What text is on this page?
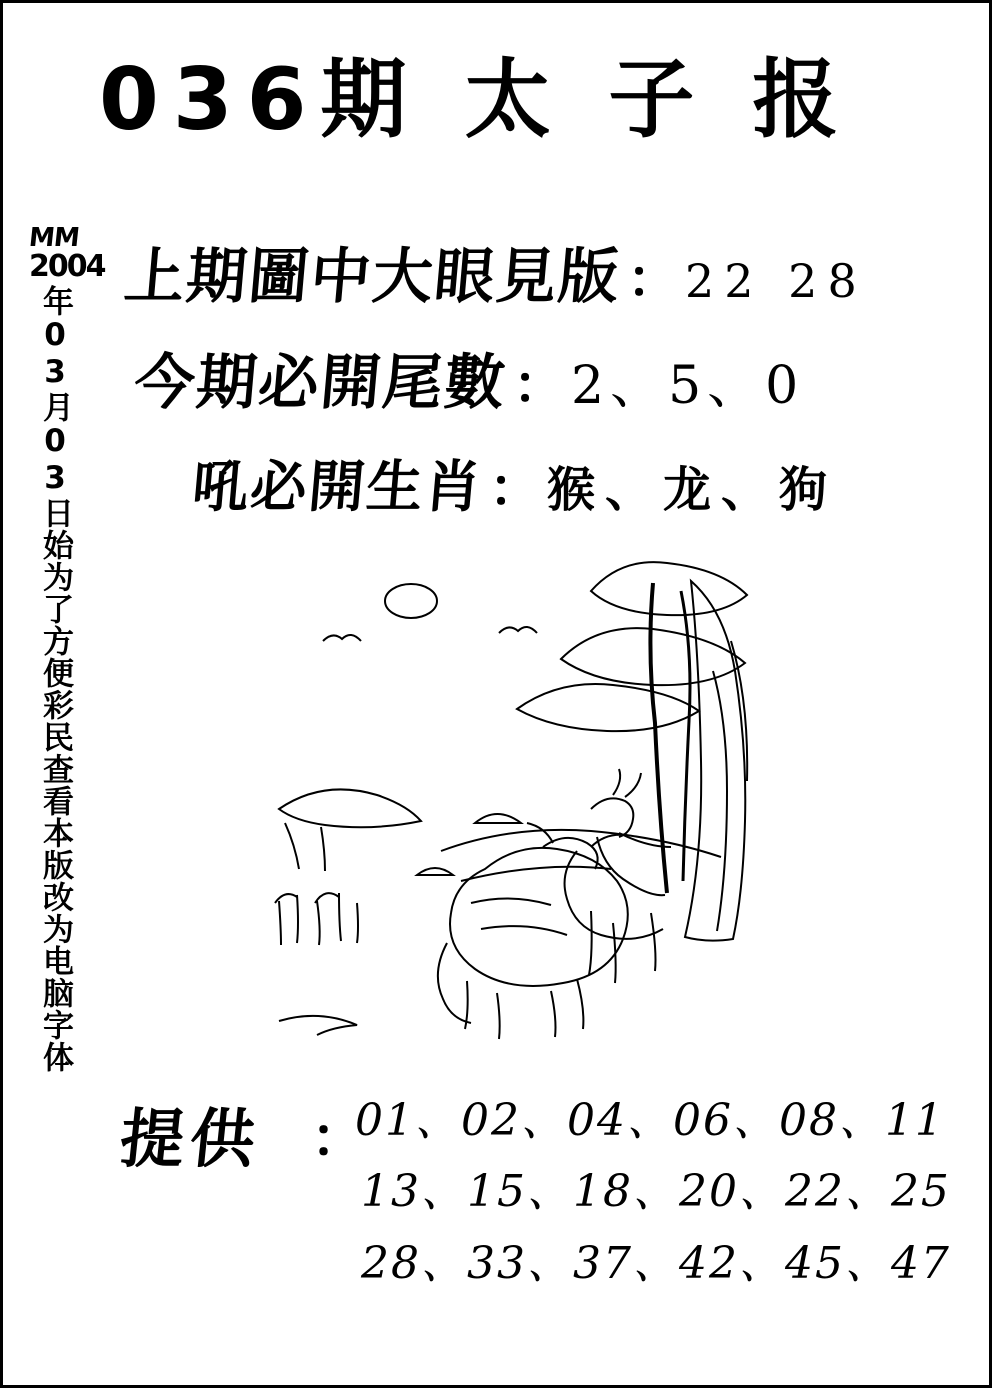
036期 太 子 报
MM
2004
年03月03日始为了方便彩民查看本版改为电脑字体
上期圖中大眼見版 ： 22 28
今期必開尾數 ： 2、5、0
吼必開生肖 ： 猴、龙、狗
提供 ：
01、02、04、06、08、11
13、15、18、20、22、25
28、33、37、42、45、47
